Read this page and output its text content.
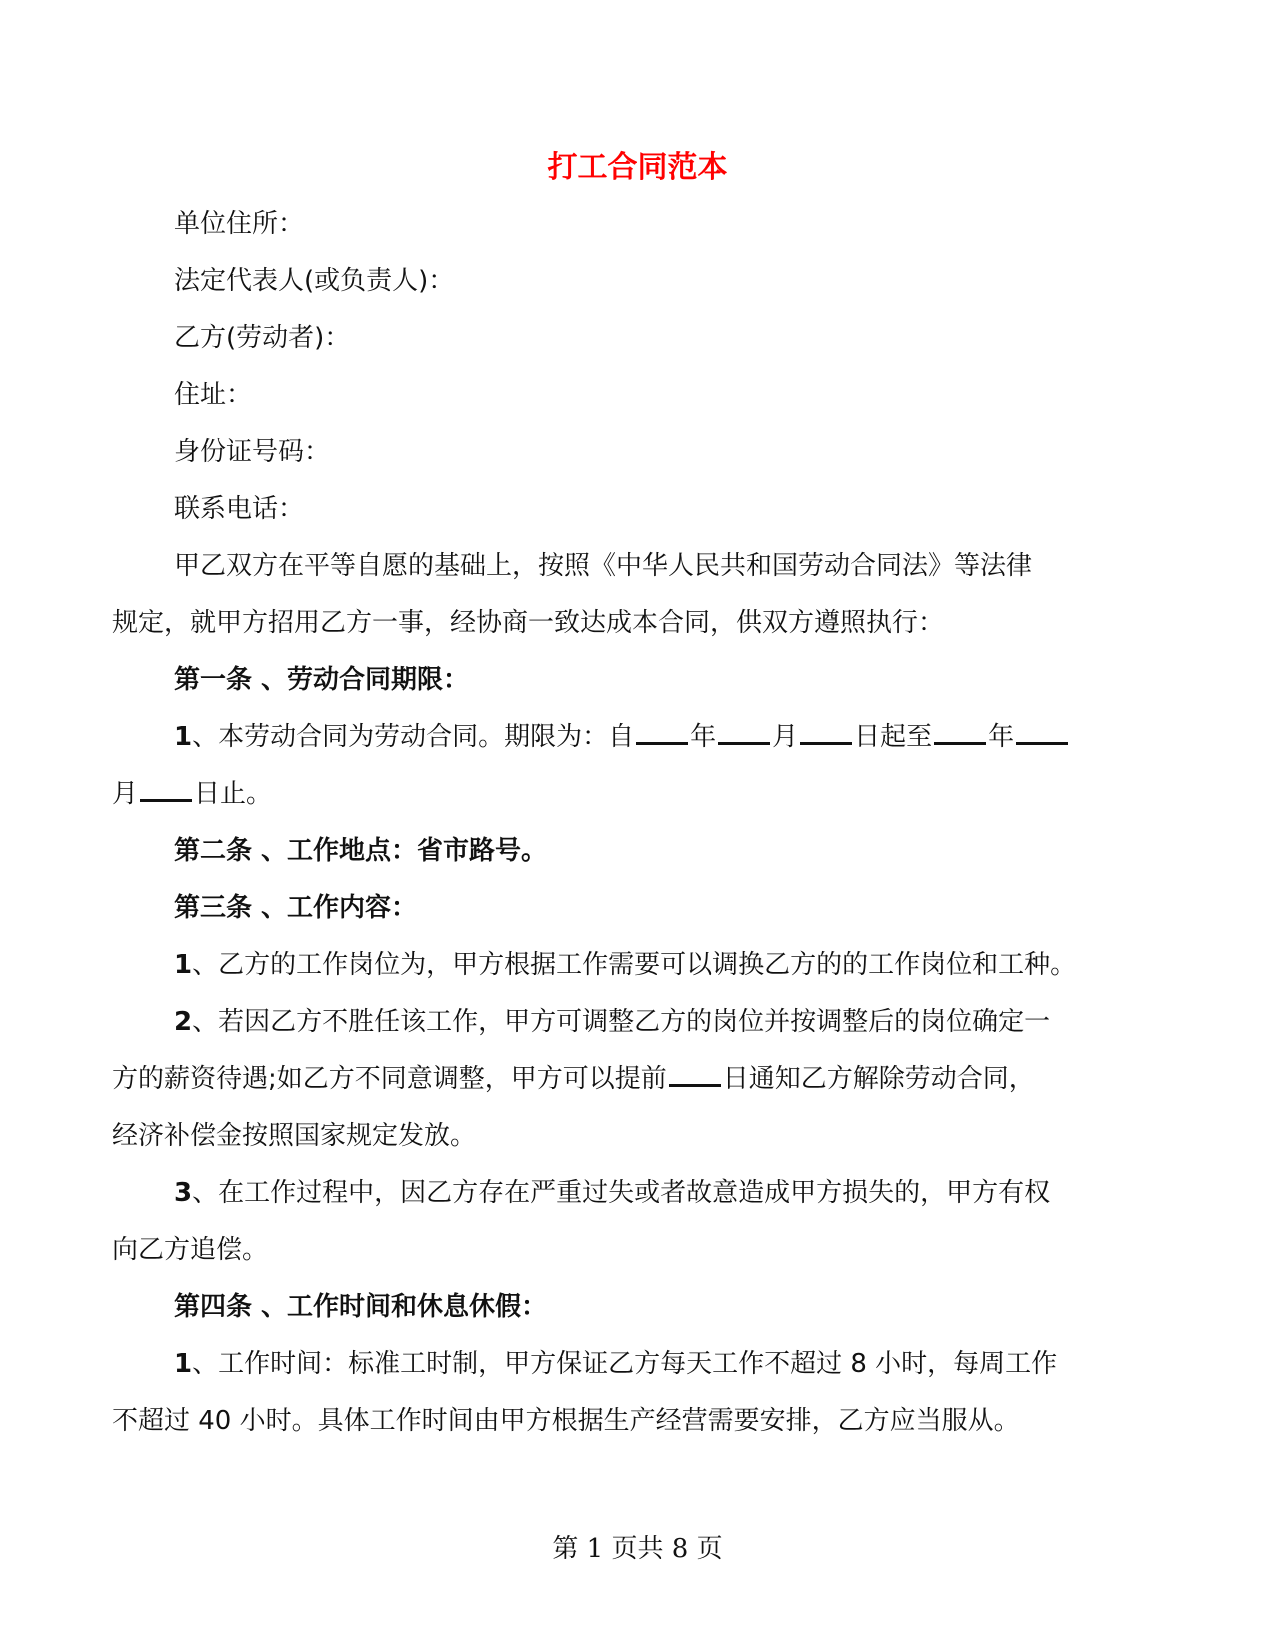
打工合同范本
单位住所：
法定代表人(或负责人)：
乙方(劳动者)：
住址：
身份证号码：
联系电话：
甲乙双方在平等自愿的基础上，按照《中华人民共和国劳动合同法》等法律
规定，就甲方招用乙方一事，经协商一致达成本合同，供双方遵照执行：
第一条 、劳动合同期限：
1、本劳动合同为劳动合同。期限为：自 年 月 日起至 年
月 日止。
第二条 、工作地点：省市路号。
第三条 、工作内容：
1、乙方的工作岗位为，甲方根据工作需要可以调换乙方的的工作岗位和工种。
2、若因乙方不胜任该工作，甲方可调整乙方的岗位并按调整后的岗位确定一
方的薪资待遇;如乙方不同意调整，甲方可以提前 日通知乙方解除劳动合同，
经济补偿金按照国家规定发放。
3、在工作过程中，因乙方存在严重过失或者故意造成甲方损失的，甲方有权
向乙方追偿。
第四条 、工作时间和休息休假：
1、工作时间：标准工时制，甲方保证乙方每天工作不超过 8 小时，每周工作
不超过 40 小时。具体工作时间由甲方根据生产经营需要安排，乙方应当服从。
第 1 页共 8 页
